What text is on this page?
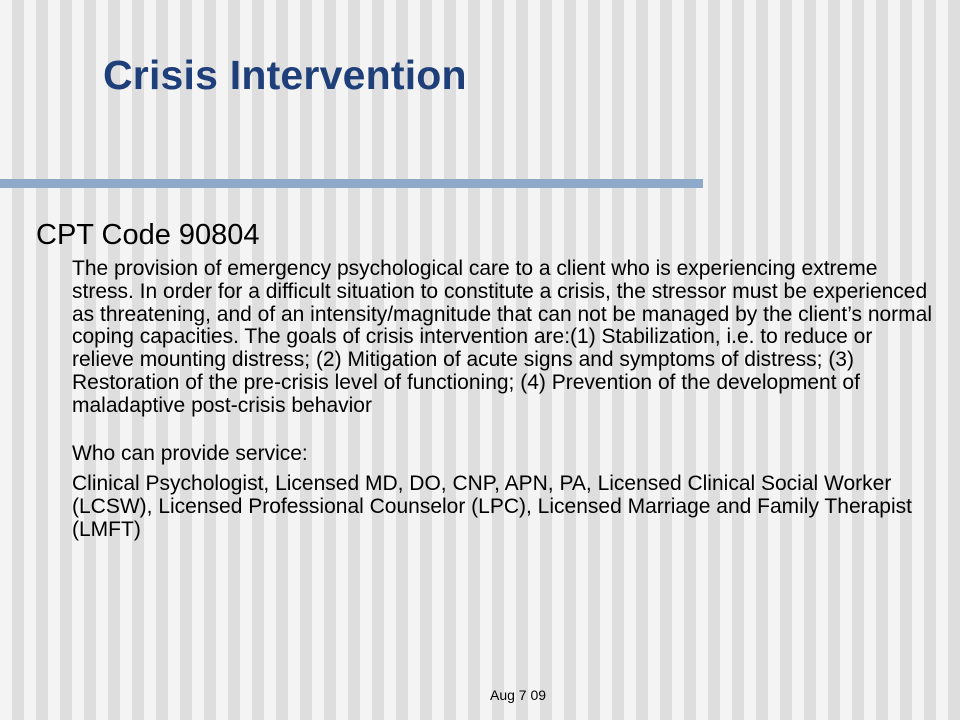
Crisis Intervention

CPT Code 90804

The provision of emergency psychological care to a client who is experiencing extreme stress. In order for a difficult situation to constitute a crisis, the stressor must be experienced as threatening, and of an intensity/magnitude that can not be managed by the client’s normal coping capacities. The goals of crisis intervention are:(1) Stabilization, i.e. to reduce or relieve mounting distress; (2) Mitigation of acute signs and symptoms of distress; (3) Restoration of the pre-crisis level of functioning; (4) Prevention of the development of maladaptive post-crisis behavior

Who can provide service:

Clinical Psychologist, Licensed MD, DO, CNP, APN, PA, Licensed Clinical Social Worker (LCSW), Licensed Professional Counselor (LPC), Licensed Marriage and Family Therapist (LMFT)

Aug 7 09
